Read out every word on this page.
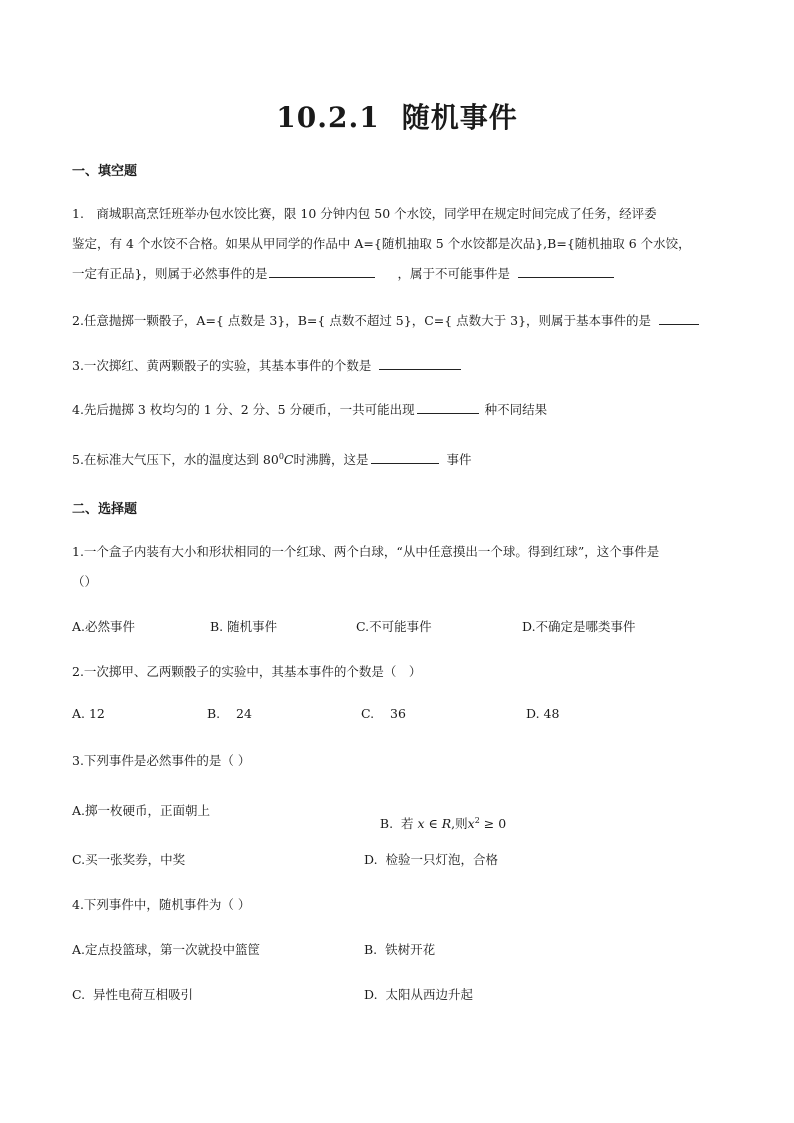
10.2.1 随机事件
一、填空题
1.　商城职高烹饪班举办包水饺比赛，限 10 分钟内包 50 个水饺，同学甲在规定时间完成了任务，经评委
鉴定，有 4 个水饺不合格。如果从甲同学的作品中 A={随机抽取 5 个水饺都是次品},B={随机抽取 6 个水饺，
一定有正品}，则属于必然事件的是	，属于不可能事件是
2.任意抛掷一颗骰子，A={ 点数是 3}，B={ 点数不超过 5}，C={ 点数大于 3}，则属于基本事件的是
3.一次掷红、黄两颗骰子的实验，其基本事件的个数是
4.先后抛掷 3 枚均匀的 1 分、2 分、5 分硬币，一共可能出现	种不同结果
5.在标准大气压下，水的温度达到 $80^0C$时沸腾，这是	事件
二、选择题
1.一个盒子内装有大小和形状相同的一个红球、两个白球，“从中任意摸出一个球。得到红球”，这个事件是
（）
A.必然事件	B. 随机事件	C.不可能事件	D.不确定是哪类事件
2.一次掷甲、乙两颗骰子的实验中，其基本事件的个数是（　）
A. 12	B.    24	C.    36	D. 48
3.下列事件是必然事件的是（ ）
A.掷一枚硬币，正面朝上

B.  若 x ∈ R,则$x^2 \ge 0$

C.买一张奖券，中奖	D.  检验一只灯泡，合格
4.下列事件中，随机事件为（ ）
A.定点投篮球，第一次就投中篮筐	B.  铁树开花
C.  异性电荷互相吸引	D.  太阳从西边升起
